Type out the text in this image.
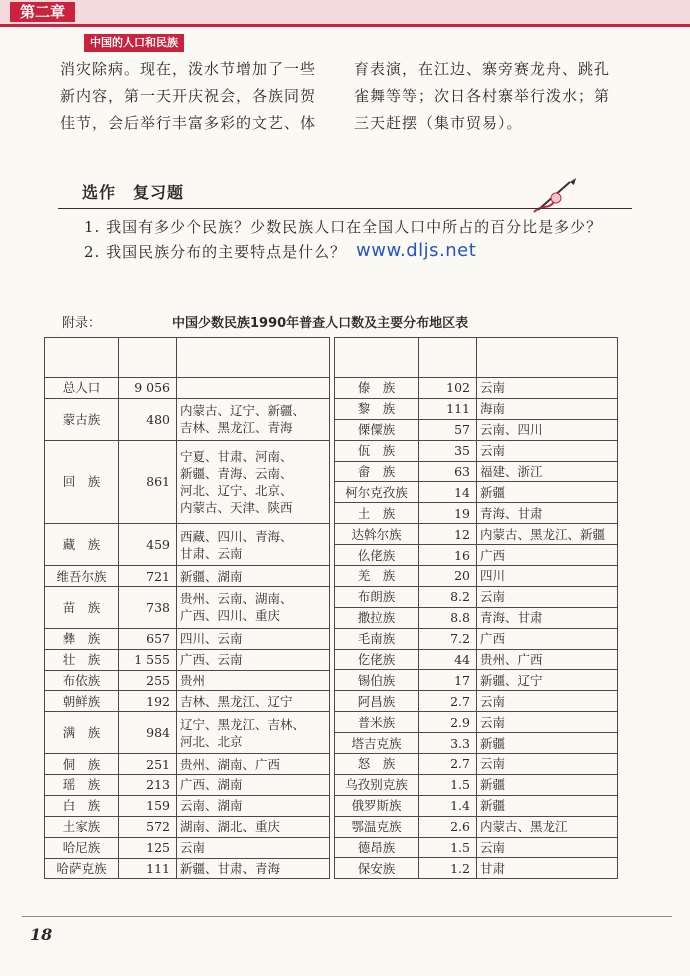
第二章
中国的人口和民族
消灾除病。现在，泼水节增加了一些
新内容，第一天开庆祝会，各族同贺
佳节，会后举行丰富多彩的文艺、体
育表演，在江边、寨旁赛龙舟、跳孔
雀舞等等；次日各村寨举行泼水；第
三天赶摆（集市贸易）。
选作　复习题
1. 我国有多少个民族？少数民族人口在全国人口中所占的百分比是多少？
2. 我国民族分布的主要特点是什么？ www.dljs.net
附录：	中国少数民族1990年普查人口数及主要分布地区表

总人口	9 056	
蒙古族	480	内蒙古、辽宁、新疆、
吉林、黑龙江、青海
回　族	861	宁夏、甘肃、河南、
新疆、青海、云南、
河北、辽宁、北京、
内蒙古、天津、陕西
藏　族	459	西藏、四川、青海、
甘肃、云南
维吾尔族	721	新疆、湖南
苗　族	738	贵州、云南、湖南、
广西、四川、重庆
彝　族	657	四川、云南
壮　族	1 555	广西、云南
布依族	255	贵州
朝鲜族	192	吉林、黑龙江、辽宁
满　族	984	辽宁、黑龙江、吉林、
河北、北京
侗　族	251	贵州、湖南、广西
瑶　族	213	广西、湖南
白　族	159	云南、湖南
土家族	572	湖南、湖北、重庆
哈尼族	125	云南
哈萨克族	111	新疆、甘肃、青海

傣　族	102	云南
黎　族	111	海南
傈僳族	57	云南、四川
佤　族	35	云南
畲　族	63	福建、浙江
柯尔克孜族	14	新疆
土　族	19	青海、甘肃
达斡尔族	12	内蒙古、黑龙江、新疆
仫佬族	16	广西
羌　族	20	四川
布朗族	8.2	云南
撒拉族	8.8	青海、甘肃
毛南族	7.2	广西
仡佬族	44	贵州、广西
锡伯族	17	新疆、辽宁
阿昌族	2.7	云南
普米族	2.9	云南
塔吉克族	3.3	新疆
怒　族	2.7	云南
乌孜别克族	1.5	新疆
俄罗斯族	1.4	新疆
鄂温克族	2.6	内蒙古、黑龙江
德昂族	1.5	云南
保安族	1.2	甘肃
18
